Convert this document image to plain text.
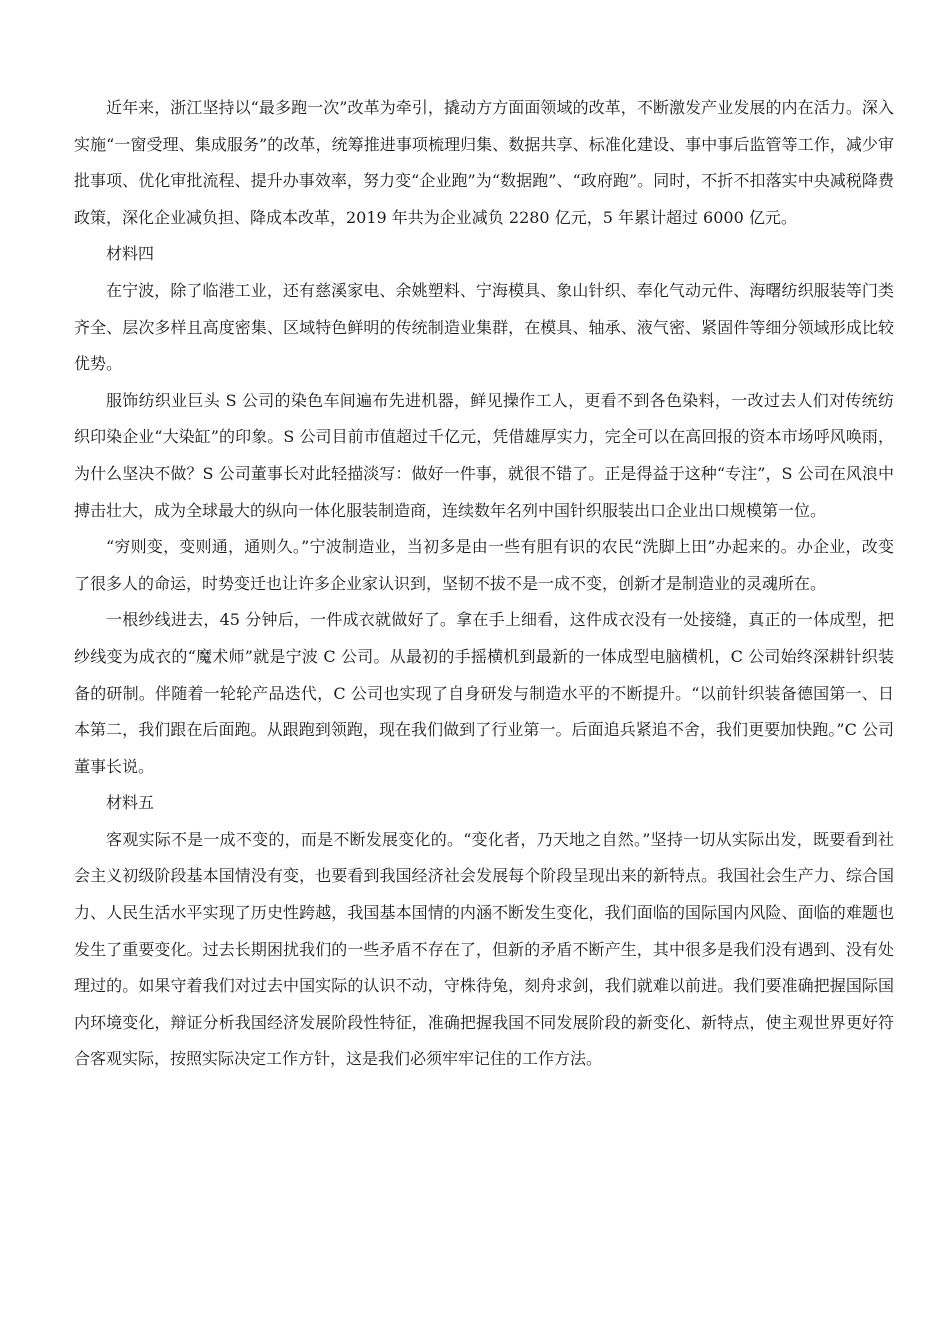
近年来，浙江坚持以“最多跑一次”改革为牵引，撬动方方面面领域的改革，不断激发产业发展的内在活力。深入实施“一窗受理、集成服务”的改革，统筹推进事项梳理归集、数据共享、标准化建设、事中事后监管等工作，减少审批事项、优化审批流程、提升办事效率，努力变“企业跑”为“数据跑”、“政府跑”。同时，不折不扣落实中央减税降费政策，深化企业减负担、降成本改革，2019 年共为企业减负 2280 亿元，5 年累计超过 6000 亿元。

材料四

在宁波，除了临港工业，还有慈溪家电、余姚塑料、宁海模具、象山针织、奉化气动元件、海曙纺织服装等门类齐全、层次多样且高度密集、区域特色鲜明的传统制造业集群，在模具、轴承、液气密、紧固件等细分领域形成比较优势。

服饰纺织业巨头 S 公司的染色车间遍布先进机器，鲜见操作工人，更看不到各色染料，一改过去人们对传统纺织印染企业“大染缸”的印象。S 公司目前市值超过千亿元，凭借雄厚实力，完全可以在高回报的资本市场呼风唤雨，为什么坚决不做？S 公司董事长对此轻描淡写：做好一件事，就很不错了。正是得益于这种“专注”，S 公司在风浪中搏击壮大，成为全球最大的纵向一体化服装制造商，连续数年名列中国针织服装出口企业出口规模第一位。

“穷则变，变则通，通则久。”宁波制造业，当初多是由一些有胆有识的农民“洗脚上田”办起来的。办企业，改变了很多人的命运，时势变迁也让许多企业家认识到，坚韧不拔不是一成不变，创新才是制造业的灵魂所在。

一根纱线进去，45 分钟后，一件成衣就做好了。拿在手上细看，这件成衣没有一处接缝，真正的一体成型，把纱线变为成衣的“魔术师”就是宁波 C 公司。从最初的手摇横机到最新的一体成型电脑横机，C 公司始终深耕针织装备的研制。伴随着一轮轮产品迭代，C 公司也实现了自身研发与制造水平的不断提升。“以前针织装备德国第一、日本第二，我们跟在后面跑。从跟跑到领跑，现在我们做到了行业第一。后面追兵紧追不舍，我们更要加快跑。”C 公司董事长说。

材料五

客观实际不是一成不变的，而是不断发展变化的。“变化者，乃天地之自然。”坚持一切从实际出发，既要看到社会主义初级阶段基本国情没有变，也要看到我国经济社会发展每个阶段呈现出来的新特点。我国社会生产力、综合国力、人民生活水平实现了历史性跨越，我国基本国情的内涵不断发生变化，我们面临的国际国内风险、面临的难题也发生了重要变化。过去长期困扰我们的一些矛盾不存在了，但新的矛盾不断产生，其中很多是我们没有遇到、没有处理过的。如果守着我们对过去中国实际的认识不动，守株待兔，刻舟求剑，我们就难以前进。我们要准确把握国际国内环境变化，辩证分析我国经济发展阶段性特征，准确把握我国不同发展阶段的新变化、新特点，使主观世界更好符合客观实际，按照实际决定工作方针，这是我们必须牢牢记住的工作方法。
